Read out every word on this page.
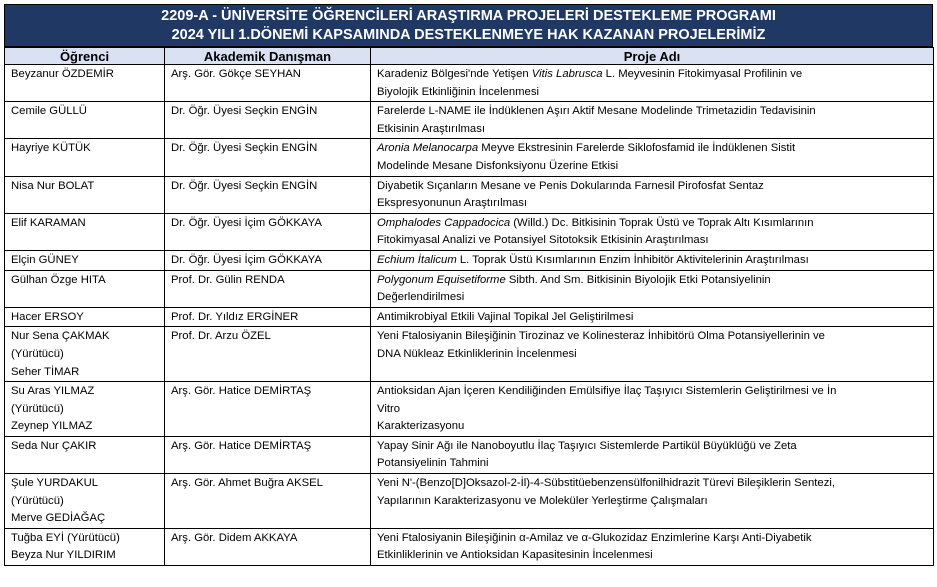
2209-A - ÜNİVERSİTE ÖĞRENCİLERİ ARAŞTIRMA PROJELERİ DESTEKLEME PROGRAMI
2024 YILI 1.DÖNEMİ KAPSAMINDA DESTEKLENMEYE HAK KAZANAN PROJELERİMİZ
Öğrenci	Akademik Danışman	Proje Adı

Beyzanur ÖZDEMİR	Arş. Gör. Gökçe SEYHAN	Karadeniz Bölgesi'nde Yetişen Vitis Labrusca L. Meyvesinin Fitokimyasal Profilinin ve
Biyolojik Etkinliğinin İncelenmesi

Cemile GÜLLÜ	Dr. Öğr. Üyesi Seçkin ENGİN	Farelerde L-NAME ile İndüklenen Aşırı Aktif Mesane Modelinde Trimetazidin Tedavisinin
Etkisinin Araştırılması

Hayriye KÜTÜK	Dr. Öğr. Üyesi Seçkin ENGİN	Aronia Melanocarpa Meyve Ekstresinin Farelerde Siklofosfamid ile İndüklenen Sistit
Modelinde Mesane Disfonksiyonu Üzerine Etkisi

Nisa Nur BOLAT	Dr. Öğr. Üyesi Seçkin ENGİN	Diyabetik Sıçanların Mesane ve Penis Dokularında Farnesil Pirofosfat Sentaz
Ekspresyonunun Araştırılması

Elif KARAMAN	Dr. Öğr. Üyesi İçim GÖKKAYA	Omphalodes Cappadocica (Willd.) Dc. Bitkisinin Toprak Üstü ve Toprak Altı Kısımlarının
Fitokimyasal Analizi ve Potansiyel Sitotoksik Etkisinin Araştırılması

Elçin GÜNEY	Dr. Öğr. Üyesi İçim GÖKKAYA	Echium İtalicum L. Toprak Üstü Kısımlarının Enzim İnhibitör Aktivitelerinin Araştırılması

Gülhan Özge HITA	Prof. Dr. Gülin RENDA	Polygonum Equisetiforme Sibth. And Sm. Bitkisinin Biyolojik Etki Potansiyelinin
Değerlendirilmesi

Hacer ERSOY	Prof. Dr. Yıldız ERGİNER	Antimikrobiyal Etkili Vajinal Topikal Jel Geliştirilmesi

Nur Sena ÇAKMAK
(Yürütücü)
Seher TİMAR	Prof. Dr. Arzu ÖZEL	Yeni Ftalosiyanin Bileşiğinin Tirozinaz ve Kolinesteraz İnhibitörü Olma Potansiyellerinin ve
DNA Nükleaz Etkinliklerinin İncelenmesi

Su Aras YILMAZ
(Yürütücü)
Zeynep YILMAZ	Arş. Gör. Hatice DEMİRTAŞ	Antioksidan Ajan İçeren Kendiliğinden Emülsifiye İlaç Taşıyıcı Sistemlerin Geliştirilmesi ve İn
Vitro
Karakterizasyonu

Seda Nur ÇAKIR	Arş. Gör. Hatice DEMİRTAŞ	Yapay Sinir Ağı ile Nanoboyutlu İlaç Taşıyıcı Sistemlerde Partikül Büyüklüğü ve Zeta
Potansiyelinin Tahmini

Şule YURDAKUL
(Yürütücü)
Merve GEDİAĞAÇ	Arş. Gör. Ahmet Buğra AKSEL	Yeni N'-(Benzo[D]Oksazol-2-İl)-4-Sübstitüebenzensülfonilhidrazit Türevi Bileşiklerin Sentezi,
Yapılarının Karakterizasyonu ve Moleküler Yerleştirme Çalışmaları

Tuğba EYİ (Yürütücü)
Beyza Nur YILDIRIM	Arş. Gör. Didem AKKAYA	Yeni Ftalosiyanin Bileşiğinin α-Amilaz ve α-Glukozidaz Enzimlerine Karşı Anti-Diyabetik
Etkinliklerinin ve Antioksidan Kapasitesinin İncelenmesi
